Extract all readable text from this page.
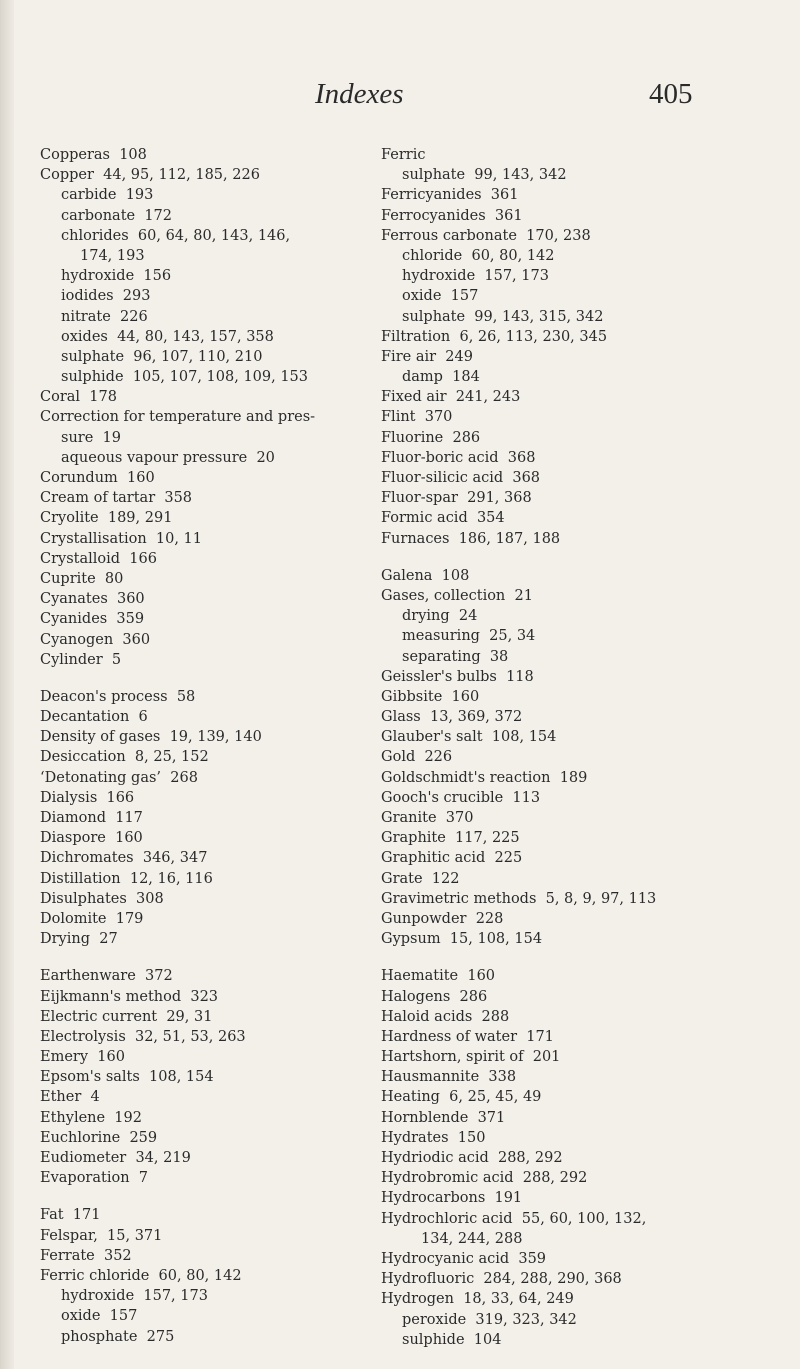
Indexes	405
Copperas  108
Copper  44, 95, 112, 185, 226
carbide  193
carbonate  172
chlorides  60, 64, 80, 143, 146,
174, 193
hydroxide  156
iodides  293
nitrate  226
oxides  44, 80, 143, 157, 358
sulphate  96, 107, 110, 210
sulphide  105, 107, 108, 109, 153
Coral  178
Correction for temperature and pres-
sure  19
aqueous vapour pressure  20
Corundum  160
Cream of tartar  358
Cryolite  189, 291
Crystallisation  10, 11
Crystalloid  166
Cuprite  80
Cyanates  360
Cyanides  359
Cyanogen  360
Cylinder  5
Deacon's process  58
Decantation  6
Density of gases  19, 139, 140
Desiccation  8, 25, 152
‘Detonating gas’  268
Dialysis  166
Diamond  117
Diaspore  160
Dichromates  346, 347
Distillation  12, 16, 116
Disulphates  308
Dolomite  179
Drying  27
Earthenware  372
Eijkmann's method  323
Electric current  29, 31
Electrolysis  32, 51, 53, 263
Emery  160
Epsom's salts  108, 154
Ether  4
Ethylene  192
Euchlorine  259
Eudiometer  34, 219
Evaporation  7
Fat  171
Felspar,  15, 371
Ferrate  352
Ferric chloride  60, 80, 142
hydroxide  157, 173
oxide  157
phosphate  275
Ferric
sulphate  99, 143, 342
Ferricyanides  361
Ferrocyanides  361
Ferrous carbonate  170, 238
chloride  60, 80, 142
hydroxide  157, 173
oxide  157
sulphate  99, 143, 315, 342
Filtration  6, 26, 113, 230, 345
Fire air  249
damp  184
Fixed air  241, 243
Flint  370
Fluorine  286
Fluor-boric acid  368
Fluor-silicic acid  368
Fluor-spar  291, 368
Formic acid  354
Furnaces  186, 187, 188
Galena  108
Gases, collection  21
drying  24
measuring  25, 34
separating  38
Geissler's bulbs  118
Gibbsite  160
Glass  13, 369, 372
Glauber's salt  108, 154
Gold  226
Goldschmidt's reaction  189
Gooch's crucible  113
Granite  370
Graphite  117, 225
Graphitic acid  225
Grate  122
Gravimetric methods  5, 8, 9, 97, 113
Gunpowder  228
Gypsum  15, 108, 154
Haematite  160
Halogens  286
Haloid acids  288
Hardness of water  171
Hartshorn, spirit of  201
Hausmannite  338
Heating  6, 25, 45, 49
Hornblende  371
Hydrates  150
Hydriodic acid  288, 292
Hydrobromic acid  288, 292
Hydrocarbons  191
Hydrochloric acid  55, 60, 100, 132,
134, 244, 288
Hydrocyanic acid  359
Hydrofluoric  284, 288, 290, 368
Hydrogen  18, 33, 64, 249
peroxide  319, 323, 342
sulphide  104
